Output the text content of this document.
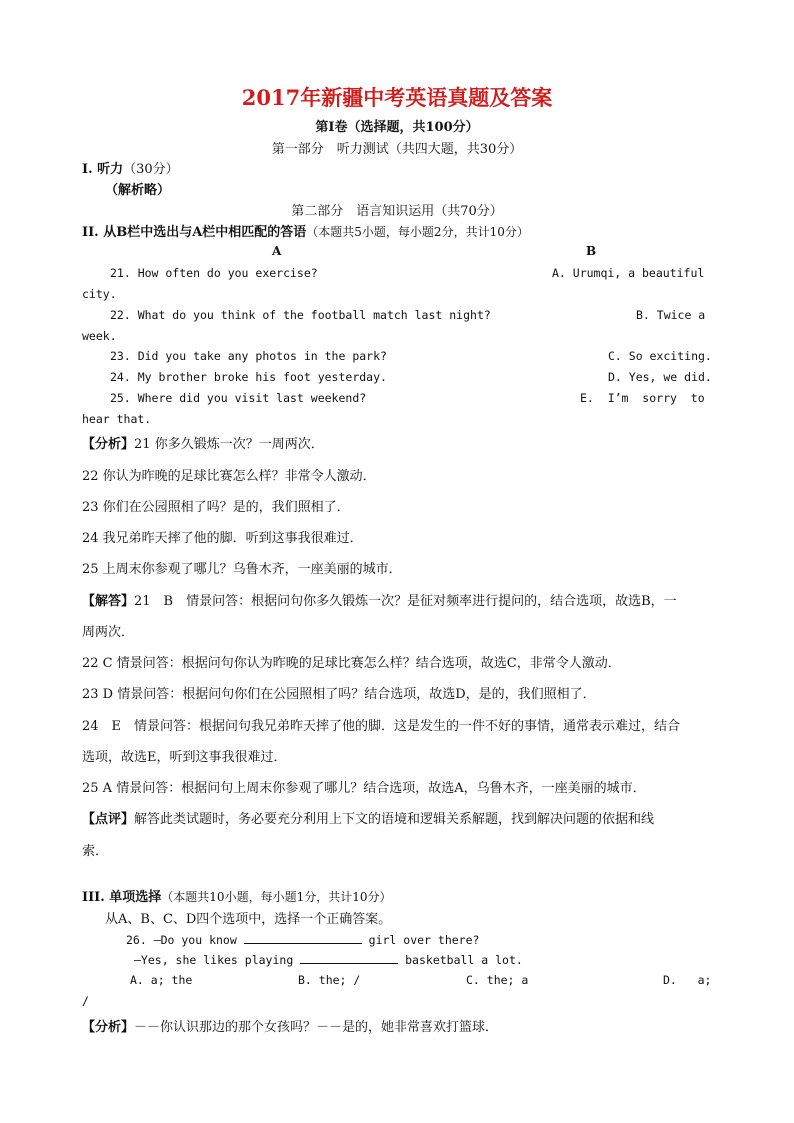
2017年新疆中考英语真题及答案
第Ⅰ卷（选择题，共100分）
第一部分　听力测试（共四大题，共30分）
I. 听力（30分）
（解析略）
第二部分　语言知识运用（共70分）
II. 从B栏中选出与A栏中相匹配的答语（本题共5小题，每小题2分，共计10分）
A	B
21. How often do you exercise?	A. Urumqi, a beautiful
city.
22. What do you think of the football match last night?	B. Twice a
week.
23. Did you take any photos in the park?	C. So exciting.
24. My brother broke his foot yesterday.	D. Yes, we did.
25. Where did you visit last weekend?	E.  I’m  sorry  to
hear that.
【分析】21 你多久锻炼一次？一周两次．
22 你认为昨晚的足球比赛怎么样？非常令人激动．
23 你们在公园照相了吗？是的，我们照相了．
24 我兄弟昨天摔了他的脚．听到这事我很难过．
25 上周末你参观了哪儿？乌鲁木齐，一座美丽的城市．
【解答】21　B　情景问答：根据问句你多久锻炼一次？是征对频率进行提问的，结合选项，故选B，一
周两次．
22 C 情景问答：根据问句你认为昨晚的足球比赛怎么样？结合选项，故选C，非常令人激动．
23 D 情景问答：根据问句你们在公园照相了吗？结合选项，故选D，是的，我们照相了．
24　E　情景问答：根据问句我兄弟昨天摔了他的脚．这是发生的一件不好的事情，通常表示难过，结合
选项，故选E，听到这事我很难过．
25 A 情景问答：根据问句上周末你参观了哪儿？结合选项，故选A，乌鲁木齐，一座美丽的城市．
【点评】解答此类试题时，务必要充分利用上下文的语境和逻辑关系解题，找到解决问题的依据和线
索．
III. 单项选择（本题共10小题，每小题1分，共计10分）
从A、B、C、D四个选项中，选择一个正确答案。
26. —Do you know	girl over there?
—Yes, she likes playing	basketball a lot.
A. a; the	B. the; /	C. the; a	D.   a;
/
【分析】－－你认识那边的那个女孩吗？－－是的，她非常喜欢打篮球．
